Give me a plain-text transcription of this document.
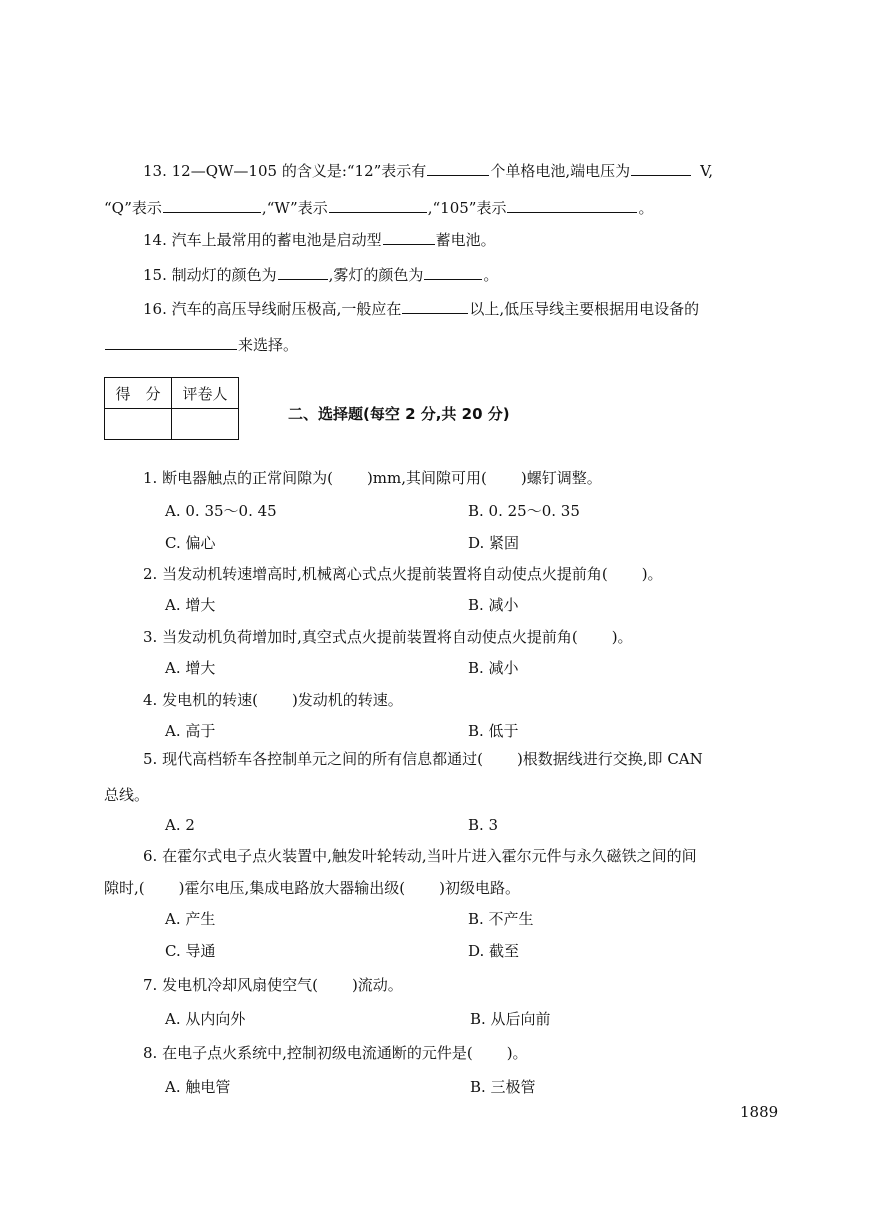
13. 12—QW—105 的含义是:“12”表示有	个单格电池,端电压为	V,
“Q”表示	,“W”表示	,“105”表示	。
14. 汽车上最常用的蓄电池是启动型	蓄电池。
15. 制动灯的颜色为	,雾灯的颜色为	。
16. 汽车的高压导线耐压极高,一般应在	以上,低压导线主要根据用电设备的
来选择。
得　分	评卷人

二、选择题(每空 2 分,共 20 分)
1. 断电器触点的正常间隙为( )mm,其间隙可用( )螺钉调整。
A. 0. 35～0. 45	B. 0. 25～0. 35
C. 偏心	D. 紧固
2. 当发动机转速增高时,机械离心式点火提前装置将自动使点火提前角( )。
A. 增大	B. 减小
3. 当发动机负荷增加时,真空式点火提前装置将自动使点火提前角( )。
A. 增大	B. 减小
4. 发电机的转速( )发动机的转速。
A. 高于	B. 低于
5. 现代高档轿车各控制单元之间的所有信息都通过( )根数据线进行交换,即 CAN
总线。
A. 2	B. 3
6. 在霍尔式电子点火装置中,触发叶轮转动,当叶片进入霍尔元件与永久磁铁之间的间
隙时,( )霍尔电压,集成电路放大器输出级( )初级电路。
A. 产生	B. 不产生
C. 导通	D. 截至
7. 发电机冷却风扇使空气( )流动。
A. 从内向外	B. 从后向前
8. 在电子点火系统中,控制初级电流通断的元件是( )。
A. 触电管	B. 三极管
1889
